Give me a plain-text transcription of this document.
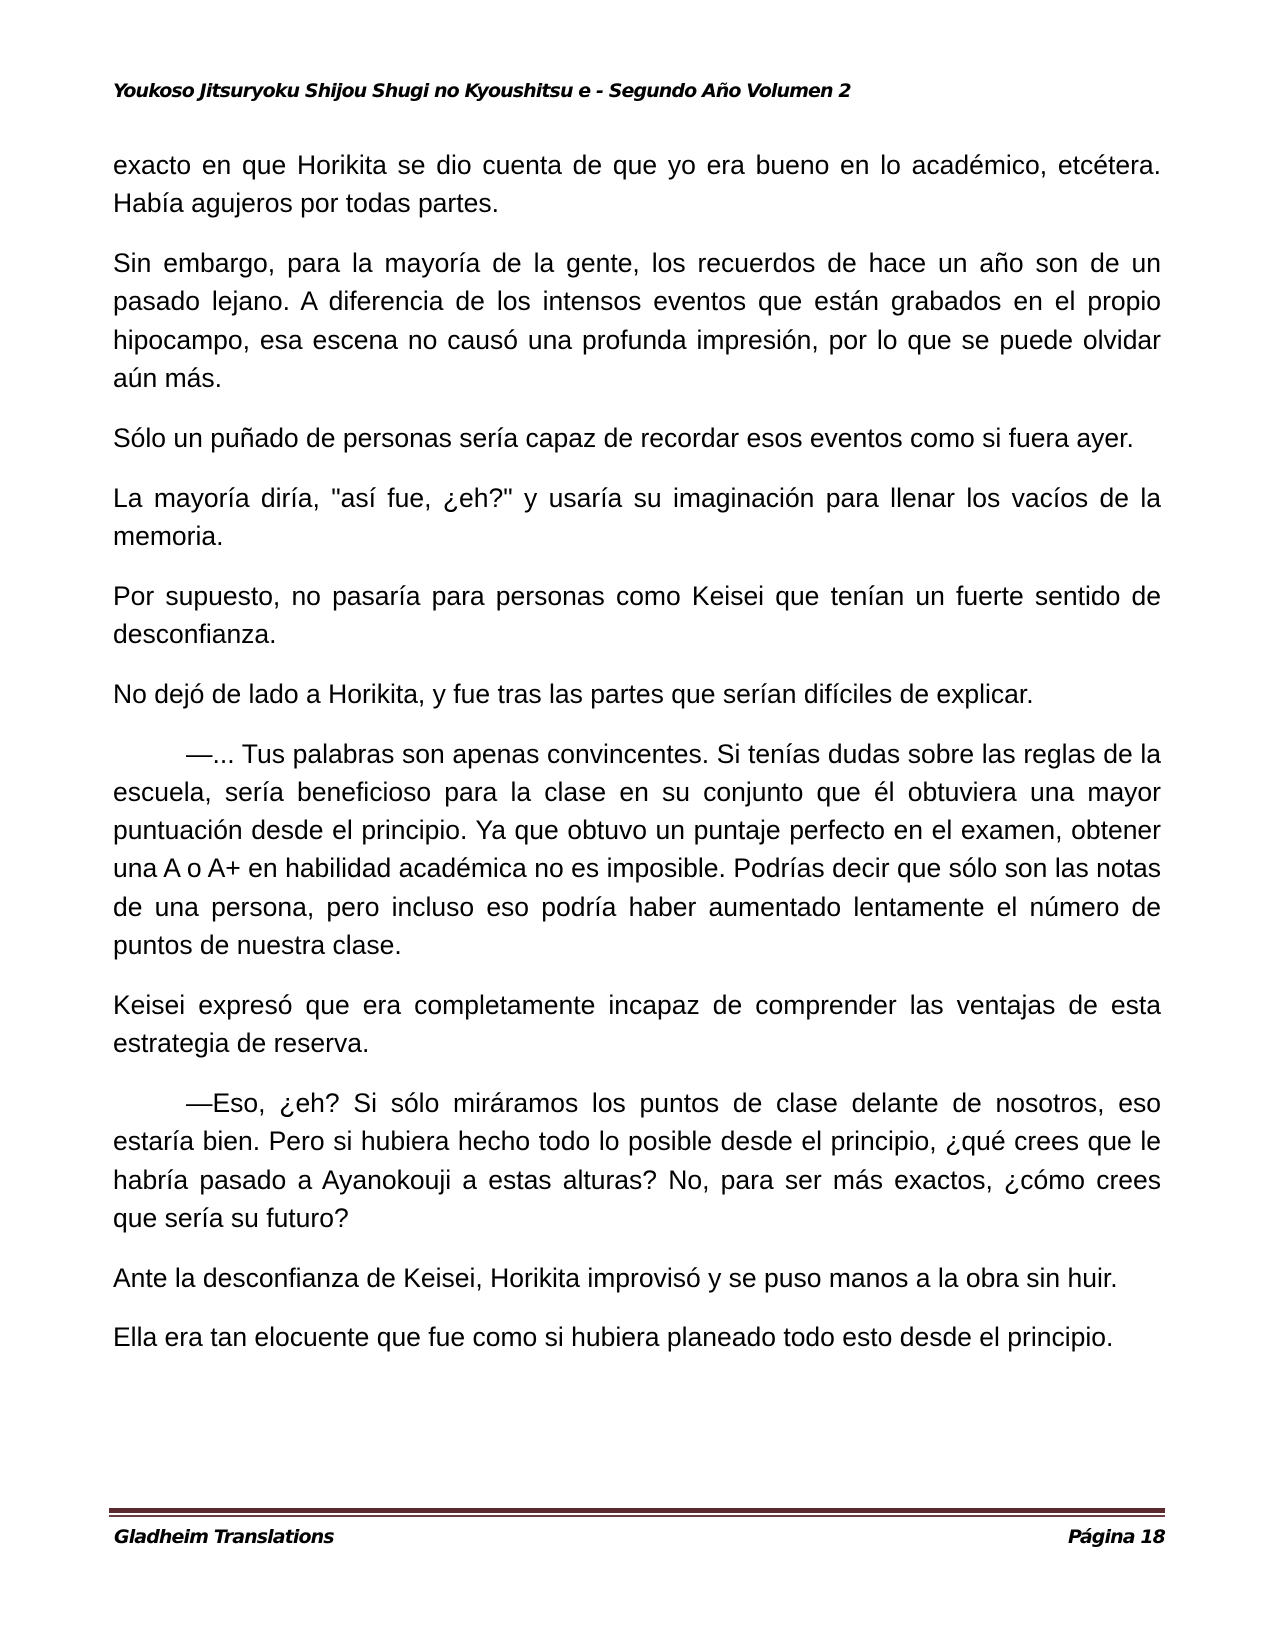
Youkoso Jitsuryoku Shijou Shugi no Kyoushitsu e - Segundo Año Volumen 2

exacto en que Horikita se dio cuenta de que yo era bueno en lo académico, etcétera. Había agujeros por todas partes.

Sin embargo, para la mayoría de la gente, los recuerdos de hace un año son de un pasado lejano. A diferencia de los intensos eventos que están grabados en el propio hipocampo, esa escena no causó una profunda impresión, por lo que se puede olvidar aún más.

Sólo un puñado de personas sería capaz de recordar esos eventos como si fuera ayer.

La mayoría diría, "así fue, ¿eh?" y usaría su imaginación para llenar los vacíos de la memoria.

Por supuesto, no pasaría para personas como Keisei que tenían un fuerte sentido de desconfianza.

No dejó de lado a Horikita, y fue tras las partes que serían difíciles de explicar.

—... Tus palabras son apenas convincentes. Si tenías dudas sobre las reglas de la escuela, sería beneficioso para la clase en su conjunto que él obtuviera una mayor puntuación desde el principio. Ya que obtuvo un puntaje perfecto en el examen, obtener una A o A+ en habilidad académica no es imposible. Podrías decir que sólo son las notas de una persona, pero incluso eso podría haber aumentado lentamente el número de puntos de nuestra clase.

Keisei expresó que era completamente incapaz de comprender las ventajas de esta estrategia de reserva.

—Eso, ¿eh? Si sólo miráramos los puntos de clase delante de nosotros, eso estaría bien. Pero si hubiera hecho todo lo posible desde el principio, ¿qué crees que le habría pasado a Ayanokouji a estas alturas? No, para ser más exactos, ¿cómo crees que sería su futuro?

Ante la desconfianza de Keisei, Horikita improvisó y se puso manos a la obra sin huir.

Ella era tan elocuente que fue como si hubiera planeado todo esto desde el principio.

Gladheim Translations	Página 18
